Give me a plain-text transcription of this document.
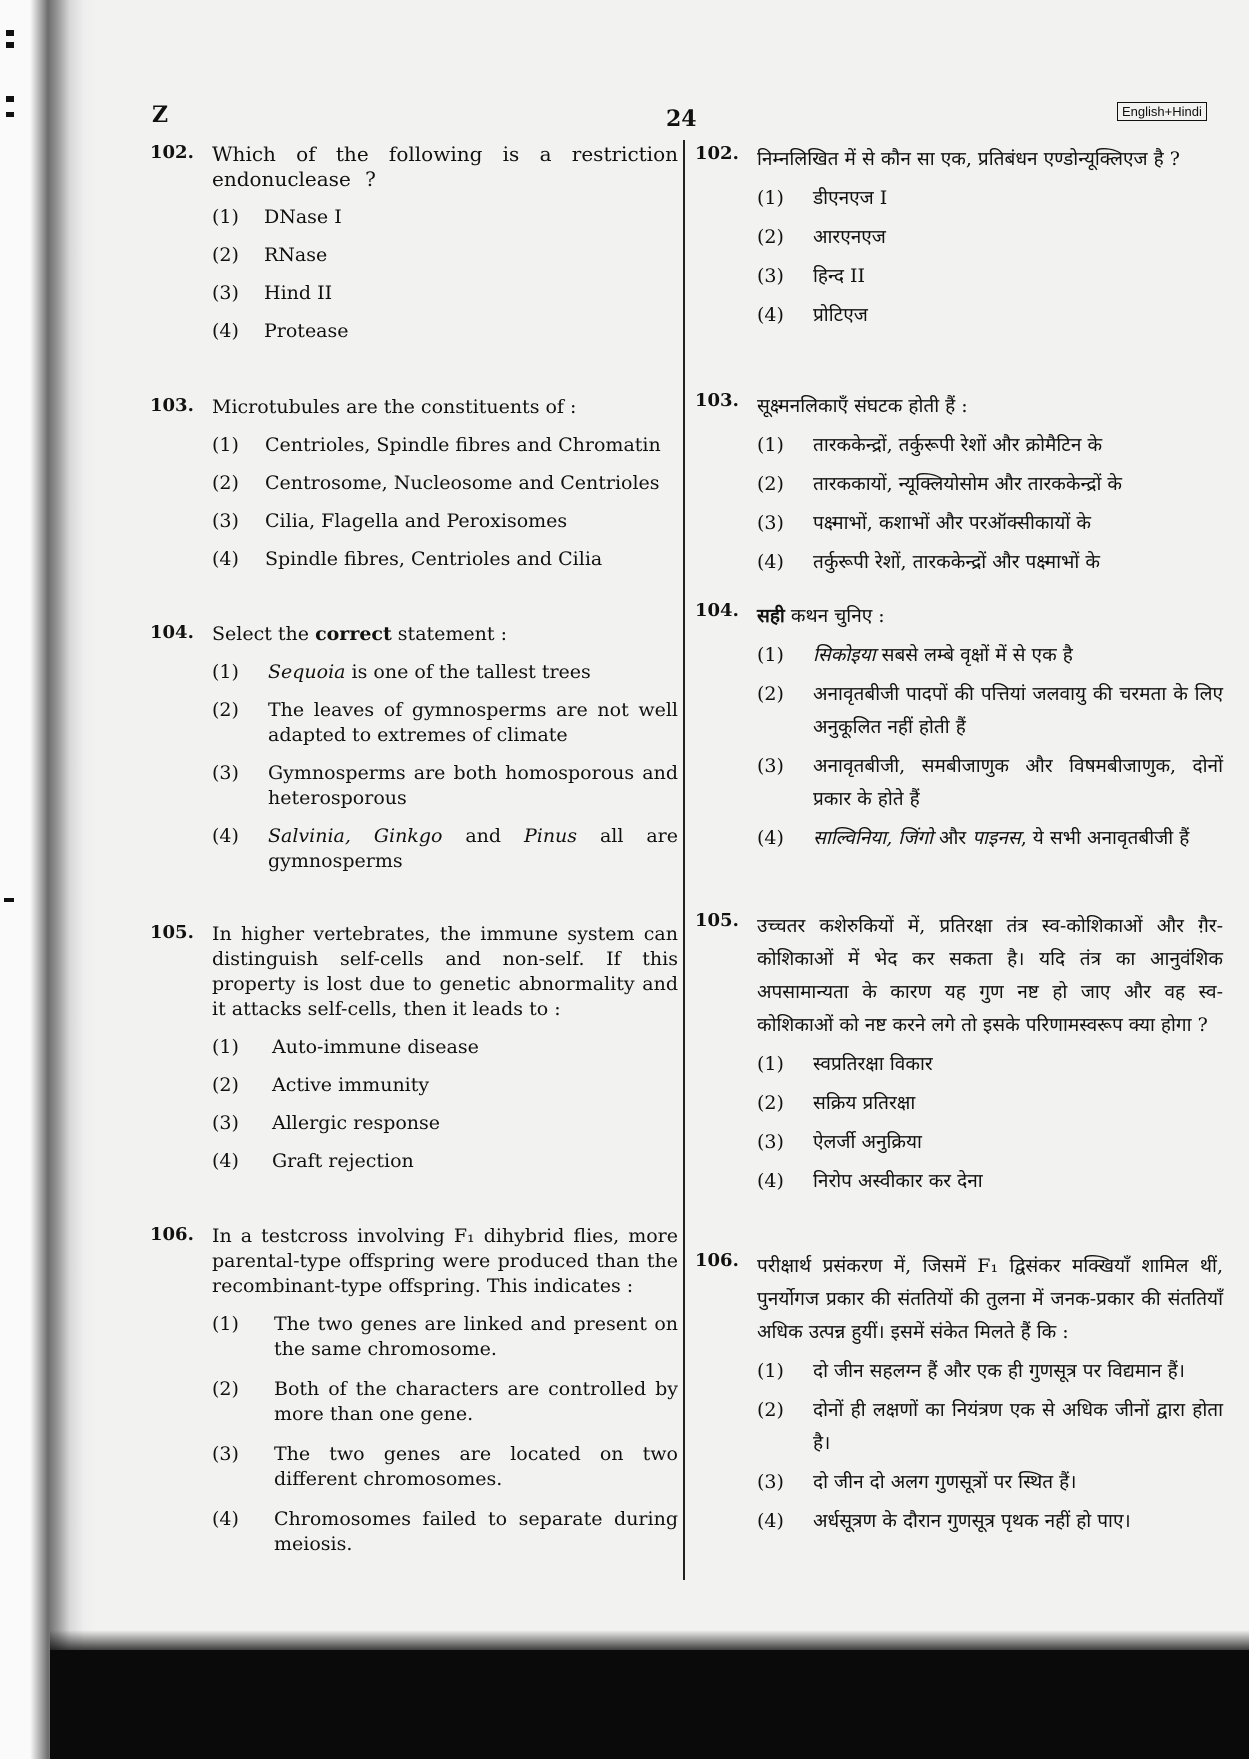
Z	24	English+Hindi
102. Which of the following is a restriction endonuclease ?
(1) DNase I
(2) RNase
(3) Hind II
(4) Protease
103. Microtubules are the constituents of :
(1) Centrioles, Spindle fibres and Chromatin
(2) Centrosome, Nucleosome and Centrioles
(3) Cilia, Flagella and Peroxisomes
(4) Spindle fibres, Centrioles and Cilia
104. Select the correct statement :
(1) Sequoia is one of the tallest trees
(2) The leaves of gymnosperms are not well adapted to extremes of climate
(3) Gymnosperms are both homosporous and heterosporous
(4) Salvinia, Ginkgo and Pinus all are gymnosperms
105. In higher vertebrates, the immune system can distinguish self-cells and non-self. If this property is lost due to genetic abnormality and it attacks self-cells, then it leads to :
(1) Auto-immune disease
(2) Active immunity
(3) Allergic response
(4) Graft rejection
106. In a testcross involving F₁ dihybrid flies, more parental-type offspring were produced than the recombinant-type offspring. This indicates :
(1) The two genes are linked and present on the same chromosome.
(2) Both of the characters are controlled by more than one gene.
(3) The two genes are located on two different chromosomes.
(4) Chromosomes failed to separate during meiosis.
102. निम्नलिखित में से कौन सा एक, प्रतिबंधन एण्डोन्यूक्लिएज है ?
(1) डीएनएज I
(2) आरएनएज
(3) हिन्द II
(4) प्रोटिएज
103. सूक्ष्मनलिकाएँ संघटक होती हैं :
(1) तारककेन्द्रों, तर्कुरूपी रेशों और क्रोमैटिन के
(2) तारककायों, न्यूक्लियोसोम और तारककेन्द्रों के
(3) पक्ष्माभों, कशाभों और परऑक्सीकायों के
(4) तर्कुरूपी रेशों, तारककेन्द्रों और पक्ष्माभों के
104. सही कथन चुनिए :
(1) सिकोइया सबसे लम्बे वृक्षों में से एक है
(2) अनावृतबीजी पादपों की पत्तियां जलवायु की चरमता के लिए अनुकूलित नहीं होती हैं
(3) अनावृतबीजी, समबीजाणुक और विषमबीजाणुक, दोनों प्रकार के होते हैं
(4) साल्विनिया, जिंगो और पाइनस, ये सभी अनावृतबीजी हैं
105. उच्चतर कशेरुकियों में, प्रतिरक्षा तंत्र स्व-कोशिकाओं और ग़ैर-कोशिकाओं में भेद कर सकता है। यदि तंत्र का आनुवंशिक अपसामान्यता के कारण यह गुण नष्ट हो जाए और वह स्व-कोशिकाओं को नष्ट करने लगे तो इसके परिणामस्वरूप क्या होगा ?
(1) स्वप्रतिरक्षा विकार
(2) सक्रिय प्रतिरक्षा
(3) ऐलर्जी अनुक्रिया
(4) निरोप अस्वीकार कर देना
106. परीक्षार्थ प्रसंकरण में, जिसमें F₁ द्विसंकर मक्खियाँ शामिल थीं, पुनर्योगज प्रकार की संततियों की तुलना में जनक-प्रकार की संततियाँ अधिक उत्पन्न हुयीं। इसमें संकेत मिलते हैं कि :
(1) दो जीन सहलग्न हैं और एक ही गुणसूत्र पर विद्यमान हैं।
(2) दोनों ही लक्षणों का नियंत्रण एक से अधिक जीनों द्वारा होता है।
(3) दो जीन दो अलग गुणसूत्रों पर स्थित हैं।
(4) अर्धसूत्रण के दौरान गुणसूत्र पृथक नहीं हो पाए।
